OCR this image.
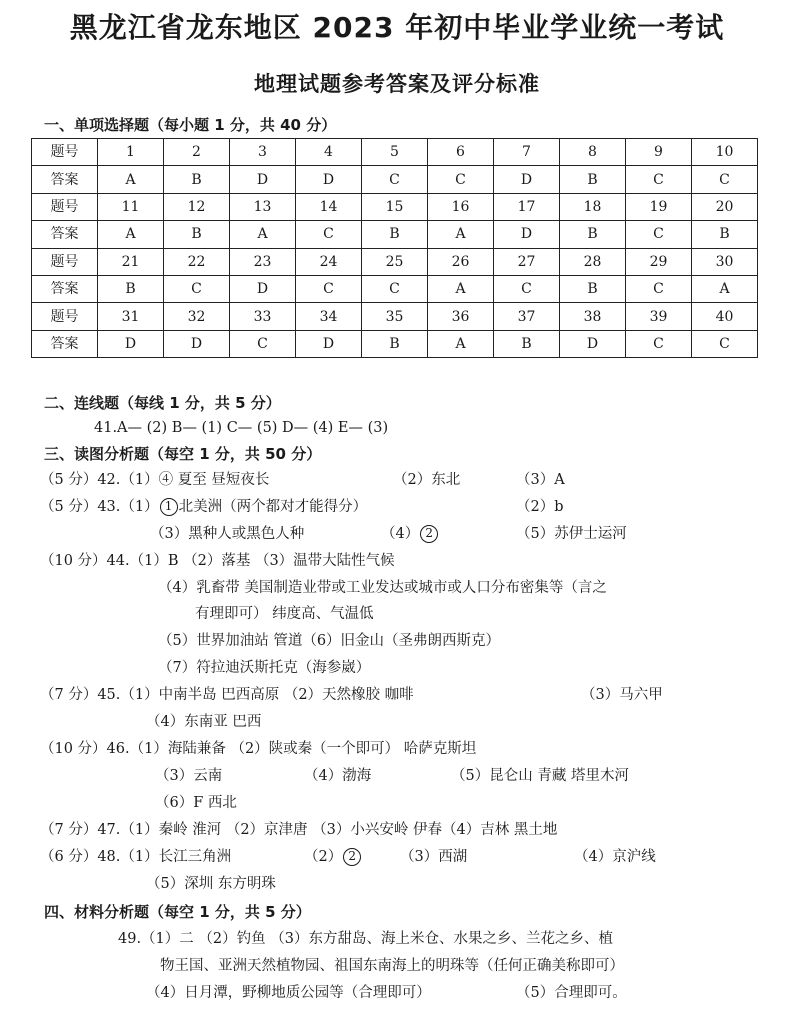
黑龙江省龙东地区 2023 年初中毕业学业统一考试
地理试题参考答案及评分标准
一、单项选择题（每小题 1 分，共 40 分）
题号	1	2	3	4	5	6	7	8	9	10
答案	A	B	D	D	C	C	D	B	C	C
题号	11	12	13	14	15	16	17	18	19	20
答案	A	B	A	C	B	A	D	B	C	B
题号	21	22	23	24	25	26	27	28	29	30
答案	B	C	D	C	C	A	C	B	C	A
题号	31	32	33	34	35	36	37	38	39	40
答案	D	D	C	D	B	A	B	D	C	C
二、连线题（每线 1 分，共 5 分）
41.A— (2) B— (1) C— (5) D— (4) E— (3)
三、读图分析题（每空 1 分，共 50 分）
（5 分）42.（1）④ 夏至 昼短夜长	（2）东北	（3）A
（5 分）43.（1） 1 北美洲（两个都对才能得分）	（2）b
（3）黑种人或黑色人种	（4） 2	（5）苏伊士运河
（10 分）44.（1）B （2）落基 （3）温带大陆性气候
（4）乳畜带 美国制造业带或工业发达或城市或人口分布密集等（言之
有理即可） 纬度高、气温低
（5）世界加油站 管道（6）旧金山（圣弗朗西斯克）
（7）符拉迪沃斯托克（海参崴）
（7 分）45.（1）中南半岛 巴西高原 （2）天然橡胶 咖啡	（3）马六甲
（4）东南亚 巴西
（10 分）46.（1）海陆兼备 （2）陕或秦（一个即可） 哈萨克斯坦
（3）云南	（4）渤海	（5）昆仑山 青藏 塔里木河
（6）F 西北
（7 分）47.（1）秦岭 淮河 （2）京津唐 （3）小兴安岭 伊春（4）吉林 黑土地
（6 分）48.（1）长江三角洲	（2） 2	（3）西湖	（4）京沪线
（5）深圳 东方明珠
四、材料分析题（每空 1 分，共 5 分）
49.（1）二 （2）钓鱼 （3）东方甜岛、海上米仓、水果之乡、兰花之乡、植
物王国、亚洲天然植物园、祖国东南海上的明珠等（任何正确美称即可）
（4）日月潭，野柳地质公园等（合理即可）	（5）合理即可。
